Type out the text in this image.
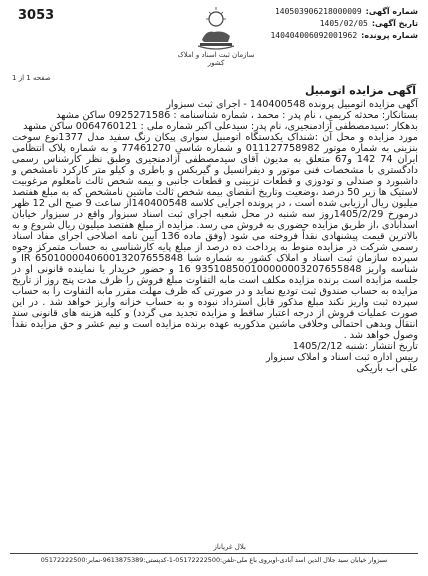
3053
صفحه 1 از 1
سازمان ثبت اسناد و املاک کشور
شماره آگهی:
140503906218000009
تاریخ آگهی:
1405/02/05
شماره پرونده:
140404006092001962
آگهی مزایده اتومبیل

آگهی مزایده اتومبیل پرونده 140400548 - اجرای ثبت سبزوار

بستانکار: محدثه کریمی ، نام پدر : محمد ، شماره شناسنامه : 0925271586 ساکن مشهد

بدهکار :سیدمصطفی آزادمنجیری، نام پدر: سیدعلی اکبر شماره ملی : 0064760121 ساکن مشهد

مورد مزایده و محل آن :شنداک یکدستگاه اتومبیل سواری پیکان رنگ سفید مدل 1377نوع سوخت بنزینی به شماره موتور 011127758982 و شماره شاسی 77461270 و به شماره پلاک انتظامی ایران 74 142 و67 متعلق به مدیون آقای سیدمصطفی آزادمنجیری وطبق نظر کارشناس رسمی دادگستری با مشخصات فنی موتور و دیفرانسیل و گیربکس و باطری و کیلو متر کارکرد نامشخص و داشبورد و صندلی و تودوزی و قطعات تزیینی و قطعات جانبی و بیمه شخص ثالث نامعلوم مرغوبیت لاستیک ها زیر 50 درصد ،وضعیت وتاریخ انقضای بیمه شخص ثالث ماشین نامشخص که به مبلغ هفتصد میلیون ریال ارزیابی شده است ، در پرونده اجرایی کلاسه 140400548از ساعت 9 صبح الی 12 ظهر درمورخ 1405/2/29روز سه شنبه در محل شعبه اجرای ثبت اسناد سبزوار واقع در سبزوار خیابان اسدابادی ،از طریق مزایده حضوری به فروش می رسد. مزایده از مبلغ هفتصد میلیون ریال شروع و به بالاترین قیمت پیشنهادی نقداً فروخته می شود (وفق ماده 136 آیین نامه اصلاحی اجرای مفاد اسناد رسمی شرکت در مزایده منوط به پرداخت ده درصد از مبلغ پایه کارشناسی به حساب متمرکز وجوه سپرده سازمان ثبت اسناد و املاک کشور به شماره شبا IR 650100004060013207655848 و شناسه واریز 935108500100000003207655848 16 و حضور خریدار یا نماینده قانونی او در جلسه مزایده است برنده مزایده مکلف است مابه التفاوت مبلغ فروش را ظرف مدت پنج روز از تاریخ مزایده به حساب صندوق ثبت تودیع نماید و در صورتی که ظرف مهلت مقرر مابه التفاوت را به حساب سپرده ثبت واریز نکند مبلغ مذکور قابل استرداد نبوده و به حساب خزانه واریز خواهد شد . در این صورت عملیات فروش از درجه اعتبار ساقط و مزایده تجدید می گردد) و کلیه هزینه های قانونی سند انتقال وبدهی احتمالی وخلافی ماشین مذکوربه عهده برنده مزایده است و نیم عشر و حق مزایده نقداً وصول خواهد شد .

تاریخ انتشار :شنبه 1405/2/12

رییس اداره ثبت اسناد و املاک سبزوار

علی اب باریکی

بلال غریاناز
سبزوار خیابان سید جلال الدین اسد آبادی-اوبروی باغ ملی-تلفن:05172222500-1-کدپستی:9613875389-نمابر:05172222500
